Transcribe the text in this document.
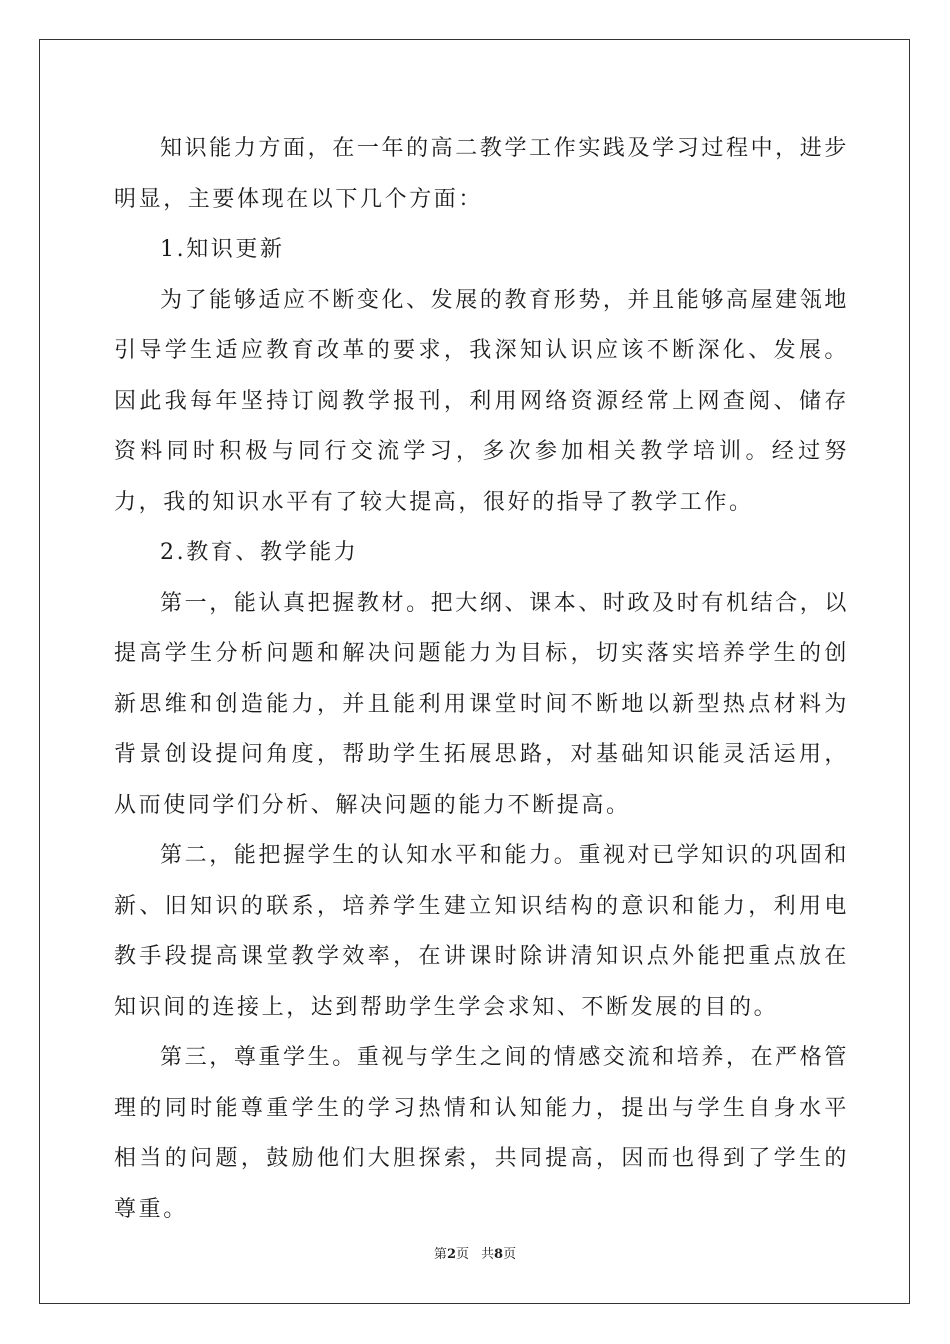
知识能力方面，在一年的高二教学工作实践及学习过程中，进步明显，主要体现在以下几个方面：

1.知识更新

为了能够适应不断变化、发展的教育形势，并且能够高屋建瓴地引导学生适应教育改革的要求，我深知认识应该不断深化、发展。因此我每年坚持订阅教学报刊，利用网络资源经常上网查阅、储存资料同时积极与同行交流学习，多次参加相关教学培训。经过努力，我的知识水平有了较大提高，很好的指导了教学工作。

2.教育、教学能力

第一，能认真把握教材。把大纲、课本、时政及时有机结合，以提高学生分析问题和解决问题能力为目标，切实落实培养学生的创新思维和创造能力，并且能利用课堂时间不断地以新型热点材料为背景创设提问角度，帮助学生拓展思路，对基础知识能灵活运用，从而使同学们分析、解决问题的能力不断提高。

第二，能把握学生的认知水平和能力。重视对已学知识的巩固和新、旧知识的联系，培养学生建立知识结构的意识和能力，利用电教手段提高课堂教学效率，在讲课时除讲清知识点外能把重点放在知识间的连接上，达到帮助学生学会求知、不断发展的目的。

第三，尊重学生。重视与学生之间的情感交流和培养，在严格管理的同时能尊重学生的学习热情和认知能力，提出与学生自身水平相当的问题，鼓励他们大胆探索，共同提高，因而也得到了学生的尊重。

第2页 共8页
